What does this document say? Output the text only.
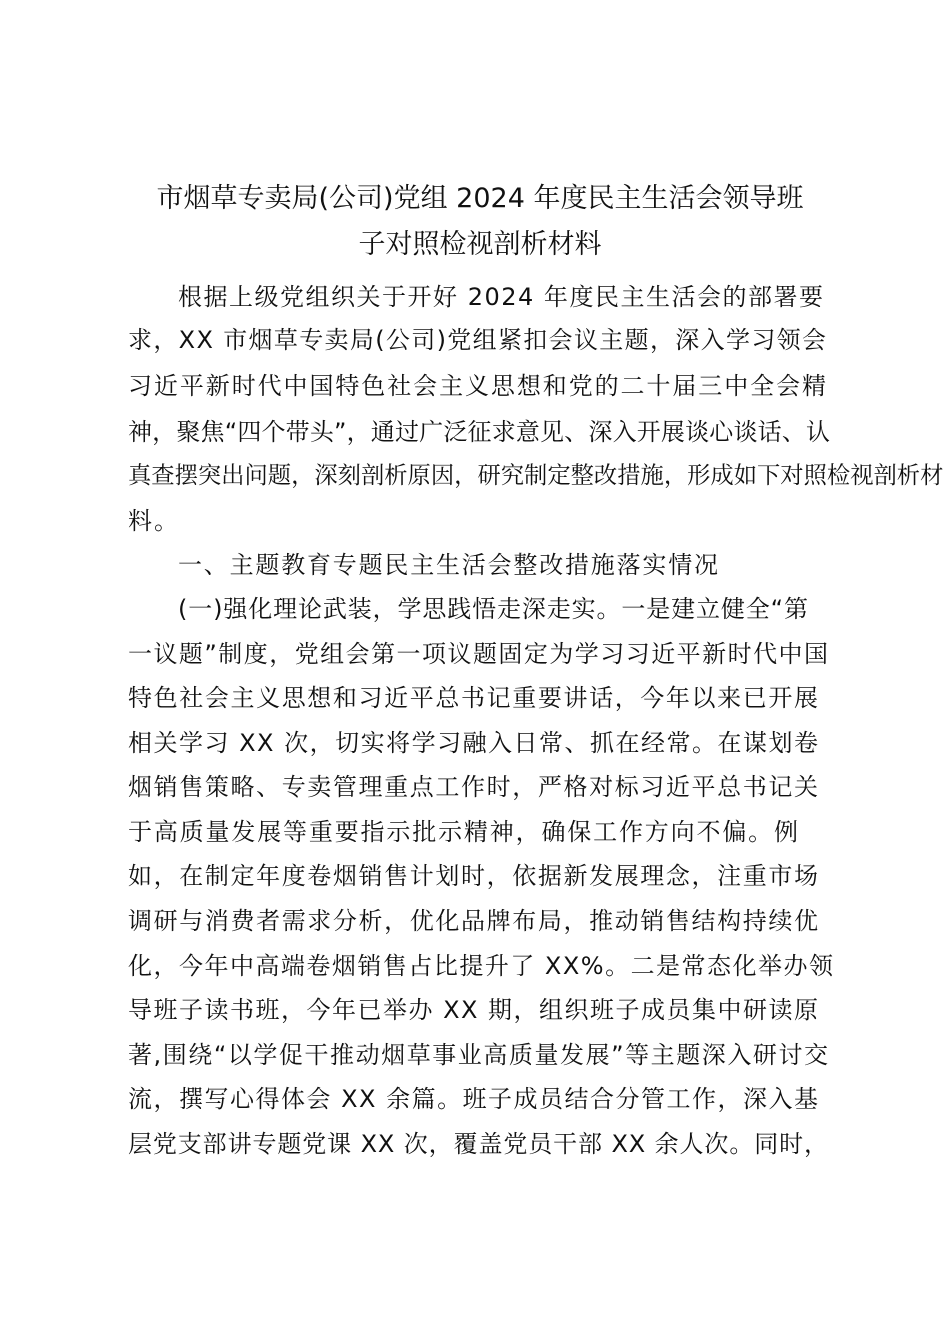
市烟草专卖局(公司)党组 2024 年度民主生活会领导班
子对照检视剖析材料
根据上级党组织关于开好 2024 年度民主生活会的部署要
求，XX 市烟草专卖局(公司)党组紧扣会议主题，深入学习领会
习近平新时代中国特色社会主义思想和党的二十届三中全会精
神，聚焦“四个带头”，通过广泛征求意见、深入开展谈心谈话、认
真查摆突出问题，深刻剖析原因，研究制定整改措施，形成如下对照检视剖析材
料。
一、主题教育专题民主生活会整改措施落实情况
(一)强化理论武装，学思践悟走深走实。一是建立健全“第
一议题”制度，党组会第一项议题固定为学习习近平新时代中国
特色社会主义思想和习近平总书记重要讲话，今年以来已开展
相关学习 XX 次，切实将学习融入日常、抓在经常。在谋划卷
烟销售策略、专卖管理重点工作时，严格对标习近平总书记关
于高质量发展等重要指示批示精神，确保工作方向不偏。例
如，在制定年度卷烟销售计划时，依据新发展理念，注重市场
调研与消费者需求分析，优化品牌布局，推动销售结构持续优
化，今年中高端卷烟销售占比提升了 XX%。二是常态化举办领
导班子读书班，今年已举办 XX 期，组织班子成员集中研读原
著,围绕“以学促干推动烟草事业高质量发展”等主题深入研讨交
流，撰写心得体会 XX 余篇。班子成员结合分管工作，深入基
层党支部讲专题党课 XX 次，覆盖党员干部 XX 余人次。同时，
